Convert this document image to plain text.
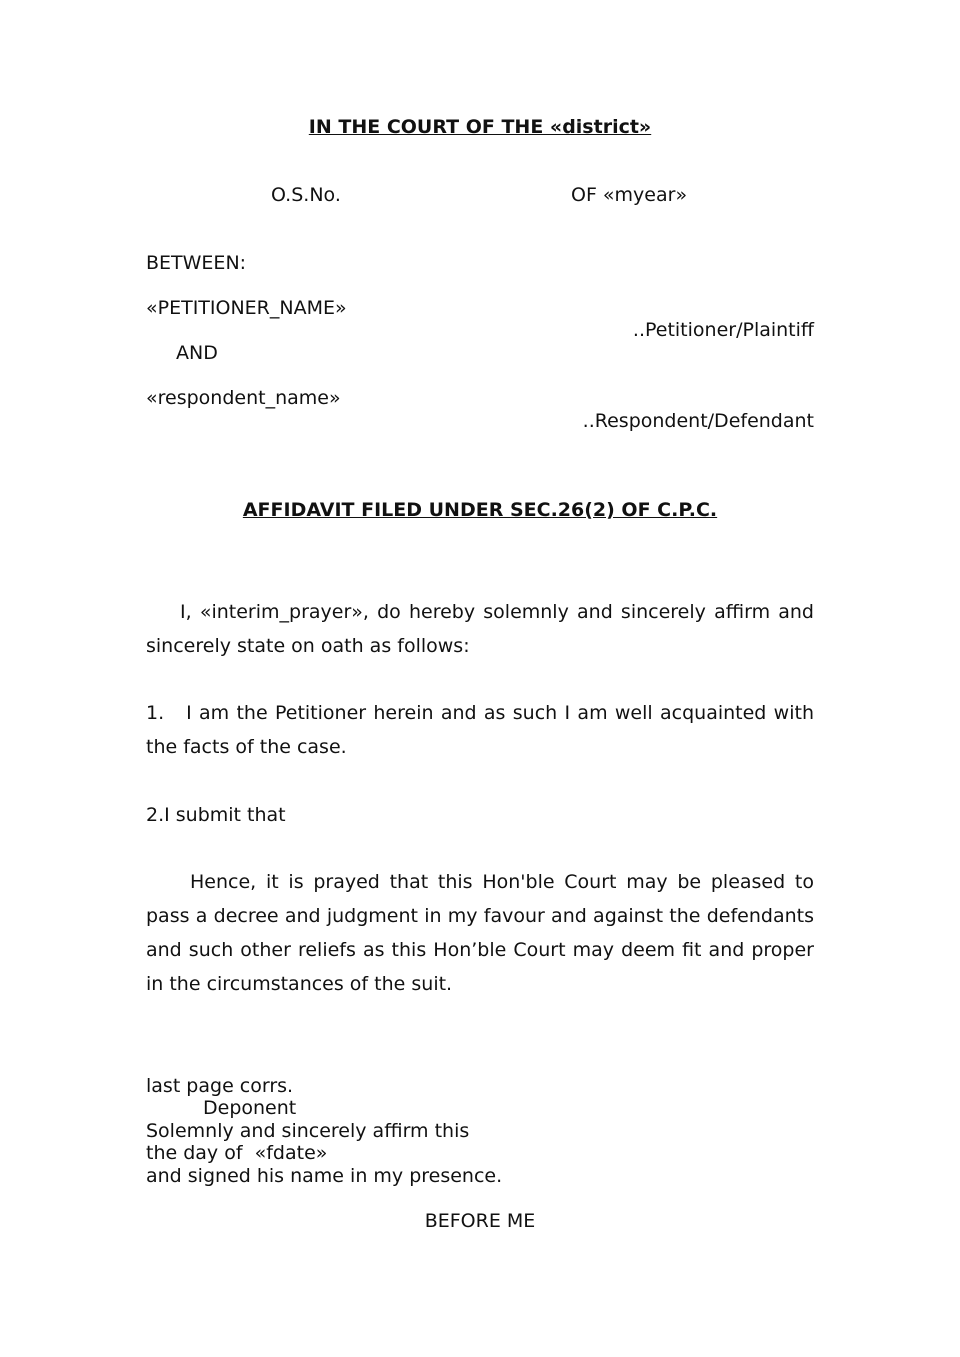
IN THE COURT OF THE «district»
O.S.No.	OF «myear»
BETWEEN:
«PETITIONER_NAME»
..Petitioner/Plaintiff
AND
«respondent_name»
..Respondent/Defendant
AFFIDAVIT FILED UNDER SEC.26(2) OF C.P.C.
I, «interim_prayer», do hereby solemnly and sincerely affirm and sincerely state on oath as follows:
1. I am the Petitioner herein and as such I am well acquainted with the facts of the case.
2.I submit that
Hence, it is prayed that this Hon'ble Court may be pleased to pass a decree and judgment in my favour and against the defendants and such other reliefs as this Hon’ble Court may deem fit and proper in the circumstances of the suit.
last page corrs.
Deponent
Solemnly and sincerely affirm this
the day of  «fdate»
and signed his name in my presence.
BEFORE ME
